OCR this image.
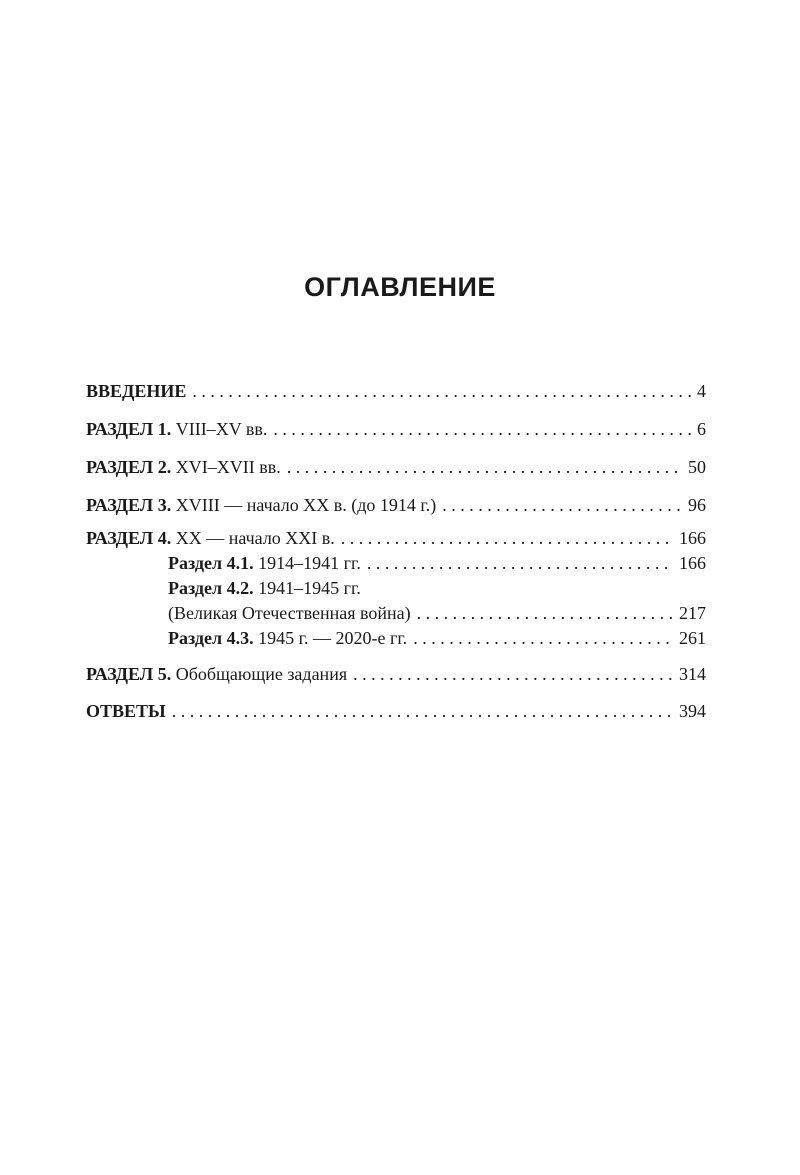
ОГЛАВЛЕНИЕ
ВВЕДЕНИЕ . . .	4
РАЗДЕЛ 1. VIII–XV вв. . . .	6
РАЗДЕЛ 2. XVI–XVII вв. . . .	50
РАЗДЕЛ 3. XVIII — начало XX в. (до 1914 г.) . . .	96
РАЗДЕЛ 4. XX — начало XXI в. . . .	166
Раздел 4.1. 1914–1941 гг. . . .	166
Раздел 4.2. 1941–1945 гг.
(Великая Отечественная война) . . .	217
Раздел 4.3. 1945 г. — 2020-е гг. . . .	261
РАЗДЕЛ 5. Обобщающие задания . . .	314
ОТВЕТЫ . . .	394
